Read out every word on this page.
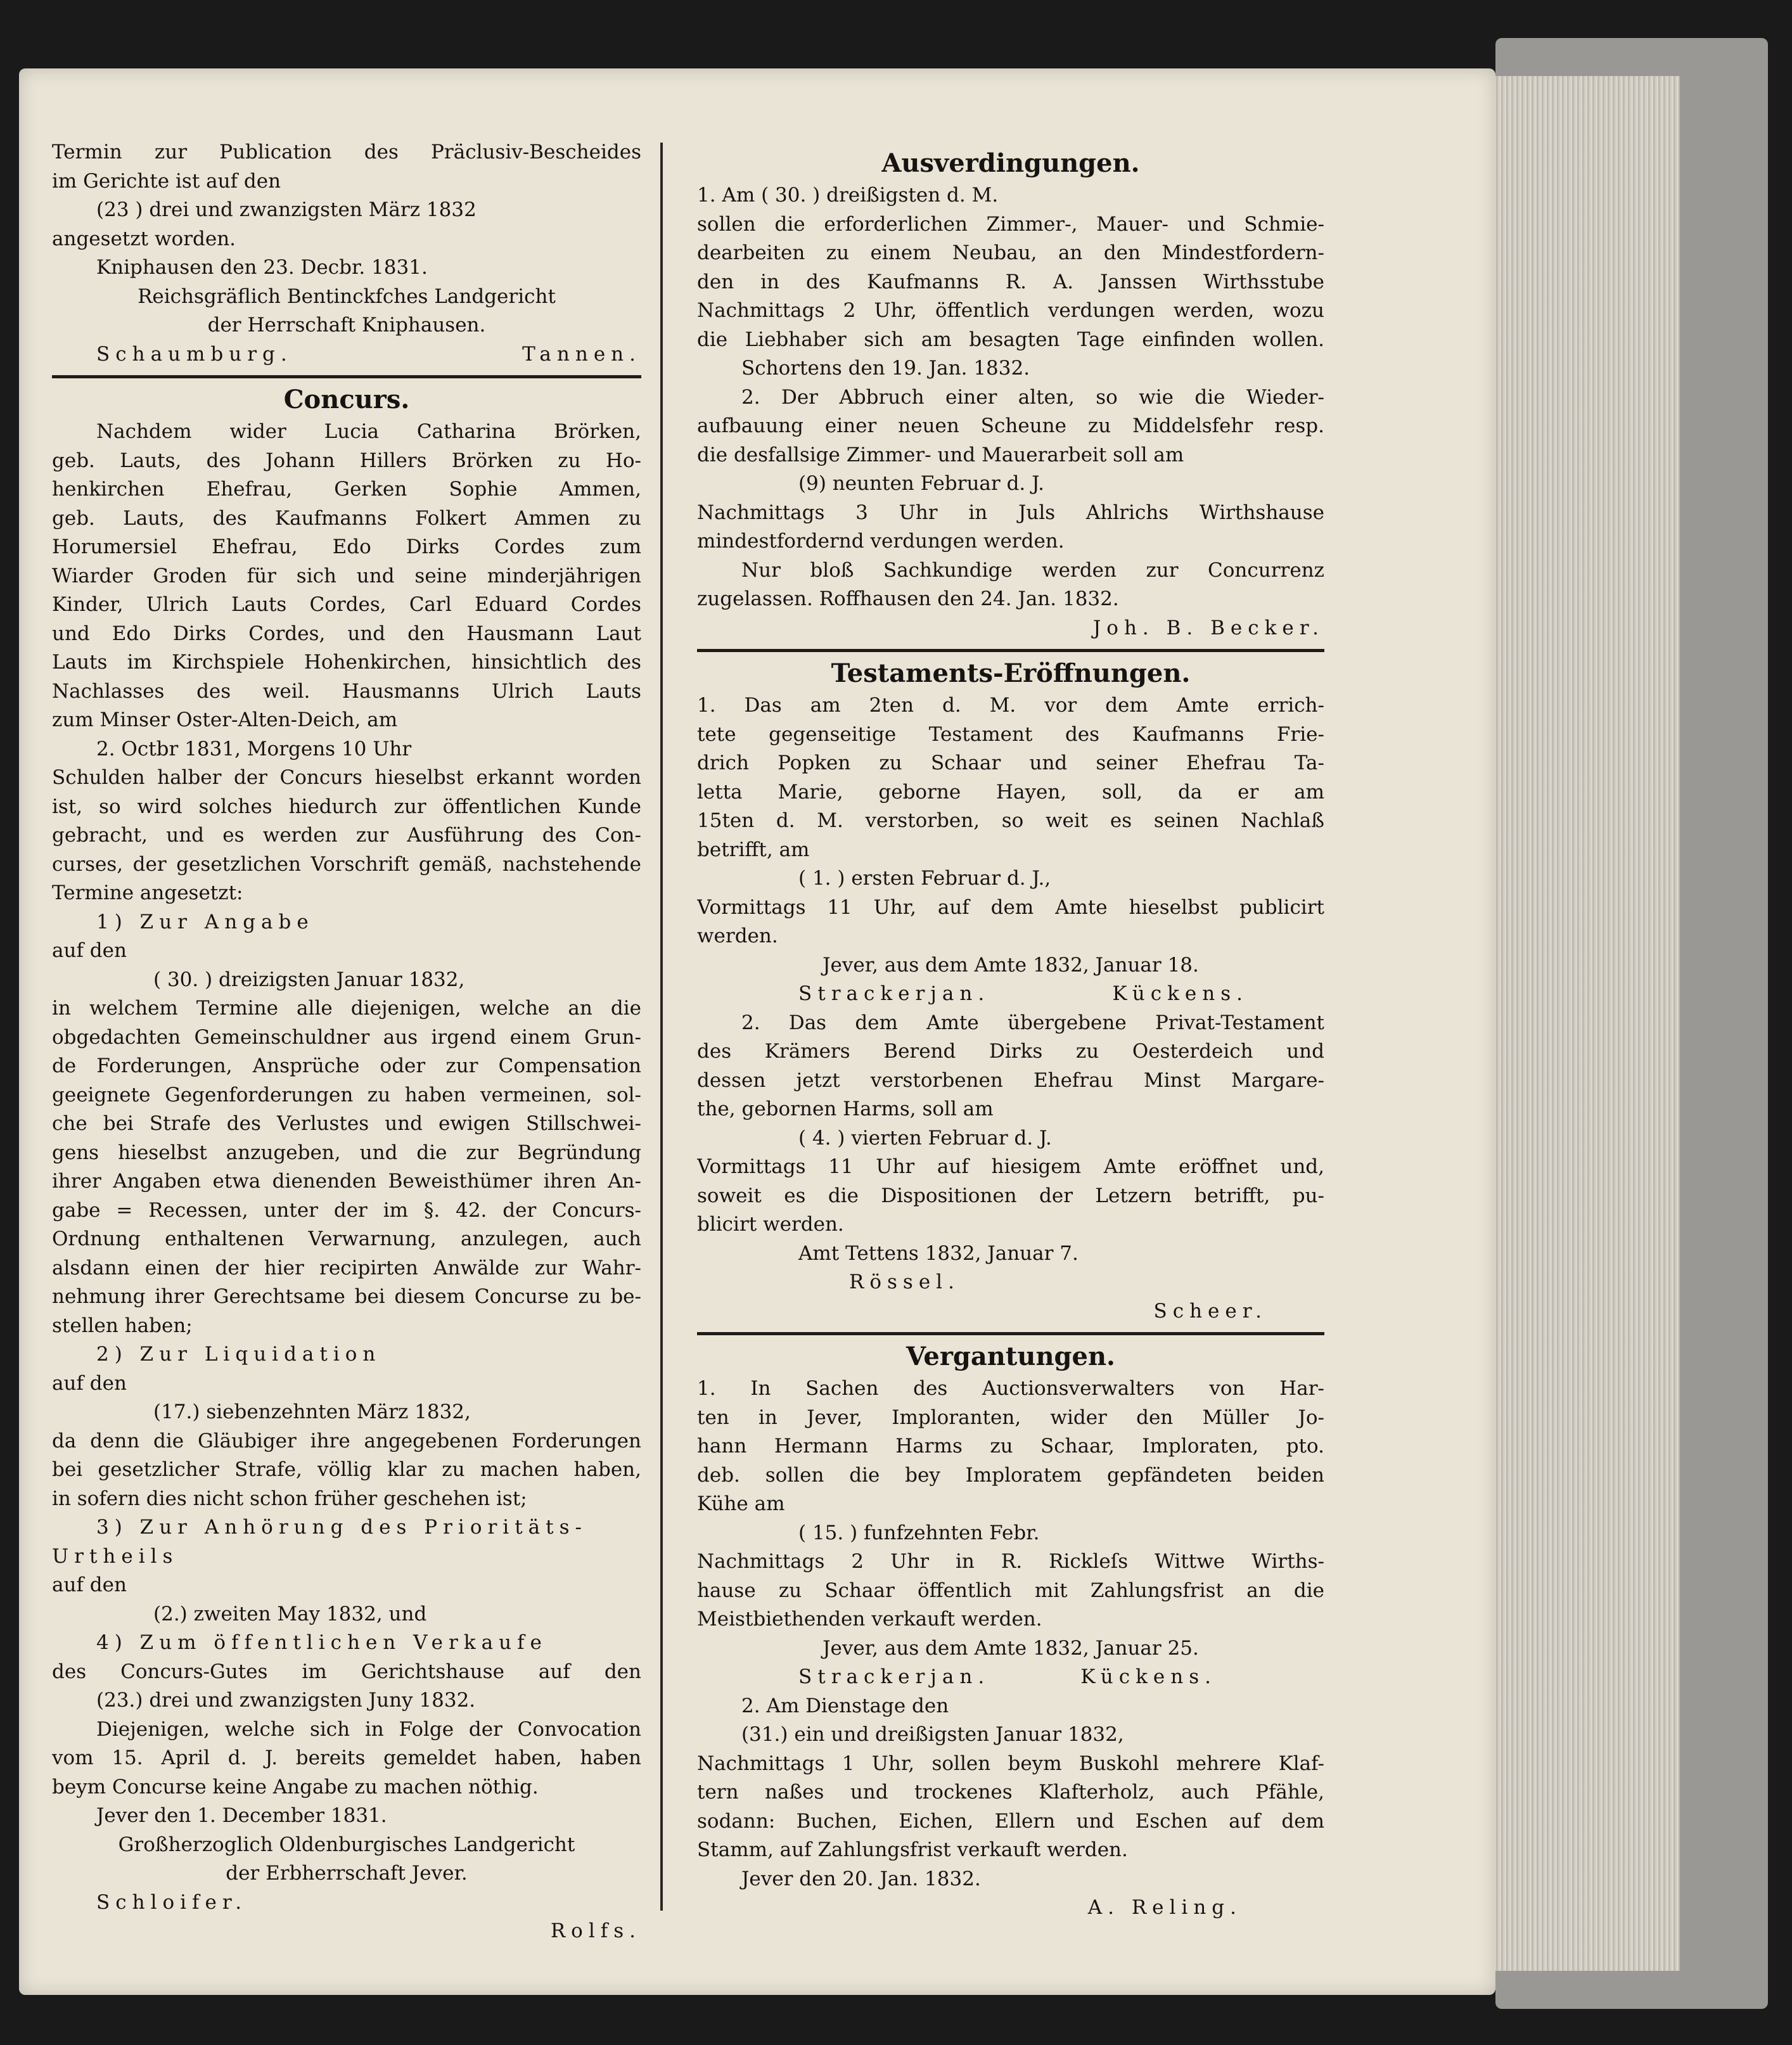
Termin zur Publication des Präclusiv-Bescheides
im Gerichte ist auf den
(23 ) drei und zwanzigsten März 1832
angesetzt worden.
Kniphausen den 23. Decbr. 1831.
Reichsgräflich Bentinckfches Landgericht
der Herrschaft Kniphausen.
Schaumburg.	Tannen.
Concurs.
Nachdem wider Lucia Catharina Brörken,
geb. Lauts, des Johann Hillers Brörken zu Ho-
henkirchen Ehefrau, Gerken Sophie Ammen,
geb. Lauts, des Kaufmanns Folkert Ammen zu
Horumersiel Ehefrau, Edo Dirks Cordes zum
Wiarder Groden für sich und seine minderjährigen
Kinder, Ulrich Lauts Cordes, Carl Eduard Cordes
und Edo Dirks Cordes, und den Hausmann Laut
Lauts im Kirchspiele Hohenkirchen, hinsichtlich des
Nachlasses des weil. Hausmanns Ulrich Lauts
zum Minser Oster-Alten-Deich, am
2. Octbr 1831, Morgens 10 Uhr
Schulden halber der Concurs hieselbst erkannt worden
ist, so wird solches hiedurch zur öffentlichen Kunde
gebracht, und es werden zur Ausführung des Con-
curses, der gesetzlichen Vorschrift gemäß, nachstehende
Termine angesetzt:
1) Zur Angabe
auf den
( 30. ) dreizigsten Januar 1832,
in welchem Termine alle diejenigen, welche an die
obgedachten Gemeinschuldner aus irgend einem Grun-
de Forderungen, Ansprüche oder zur Compensation
geeignete Gegenforderungen zu haben vermeinen, sol-
che bei Strafe des Verlustes und ewigen Stillschwei-
gens hieselbst anzugeben, und die zur Begründung
ihrer Angaben etwa dienenden Beweisthümer ihren An-
gabe = Recessen, unter der im §. 42. der Concurs-
Ordnung enthaltenen Verwarnung, anzulegen, auch
alsdann einen der hier recipirten Anwälde zur Wahr-
nehmung ihrer Gerechtsame bei diesem Concurse zu be-
stellen haben;
2) Zur Liquidation
auf den
(17.) siebenzehnten März 1832,
da denn die Gläubiger ihre angegebenen Forderungen
bei gesetzlicher Strafe, völlig klar zu machen haben,
in sofern dies nicht schon früher geschehen ist;
3) Zur Anhörung des Prioritäts-
Urtheils
auf den
(2.) zweiten May 1832, und
4) Zum öffentlichen Verkaufe
des Concurs-Gutes im Gerichtshause auf den
(23.) drei und zwanzigsten Juny 1832.
Diejenigen, welche sich in Folge der Convocation
vom 15. April d. J. bereits gemeldet haben, haben
beym Concurse keine Angabe zu machen nöthig.
Jever den 1. December 1831.
Großherzoglich Oldenburgisches Landgericht
der Erbherrschaft Jever.
Schloifer.
Rolfs.
Ausverdingungen.
1. Am ( 30. ) dreißigsten d. M.
sollen die erforderlichen Zimmer-, Mauer- und Schmie-
dearbeiten zu einem Neubau, an den Mindestfordern-
den in des Kaufmanns R. A. Janssen Wirthsstube
Nachmittags 2 Uhr, öffentlich verdungen werden, wozu
die Liebhaber sich am besagten Tage einfinden wollen.
Schortens den 19. Jan. 1832.
2. Der Abbruch einer alten, so wie die Wieder-
aufbauung einer neuen Scheune zu Middelsfehr resp.
die desfallsige Zimmer- und Mauerarbeit soll am
(9) neunten Februar d. J.
Nachmittags 3 Uhr in Juls Ahlrichs Wirthshause
mindestfordernd verdungen werden.
Nur bloß Sachkundige werden zur Concurrenz
zugelassen. Roffhausen den 24. Jan. 1832.
Joh. B. Becker.
Testaments-Eröffnungen.
1. Das am 2ten d. M. vor dem Amte errich-
tete gegenseitige Testament des Kaufmanns Frie-
drich Popken zu Schaar und seiner Ehefrau Ta-
letta Marie, geborne Hayen, soll, da er am
15ten d. M. verstorben, so weit es seinen Nachlaß
betrifft, am
( 1. ) ersten Februar d. J.,
Vormittags 11 Uhr, auf dem Amte hieselbst publicirt
werden.
Jever, aus dem Amte 1832, Januar 18.
Strackerjan.	Kückens.
2. Das dem Amte übergebene Privat-Testament
des Krämers Berend Dirks zu Oesterdeich und
dessen jetzt verstorbenen Ehefrau Minst Margare-
the, gebornen Harms, soll am
( 4. ) vierten Februar d. J.
Vormittags 11 Uhr auf hiesigem Amte eröffnet und,
soweit es die Dispositionen der Letzern betrifft, pu-
blicirt werden.
Amt Tettens 1832, Januar 7.
Rössel.
Scheer.
Vergantungen.
1. In Sachen des Auctionsverwalters von Har-
ten in Jever, Imploranten, wider den Müller Jo-
hann Hermann Harms zu Schaar, Imploraten, pto.
deb. sollen die bey Imploratem gepfändeten beiden
Kühe am
( 15. ) funfzehnten Febr.
Nachmittags 2 Uhr in R. Rickleſs Wittwe Wirths-
hause zu Schaar öffentlich mit Zahlungsfrist an die
Meistbiethenden verkauft werden.
Jever, aus dem Amte 1832, Januar 25.
Strackerjan.	Kückens.
2. Am Dienstage den
(31.) ein und dreißigsten Januar 1832,
Nachmittags 1 Uhr, sollen beym Buskohl mehrere Klaf-
tern naßes und trockenes Klafterholz, auch Pfähle,
sodann: Buchen, Eichen, Ellern und Eschen auf dem
Stamm, auf Zahlungsfrist verkauft werden.
Jever den 20. Jan. 1832.
A. Reling.
